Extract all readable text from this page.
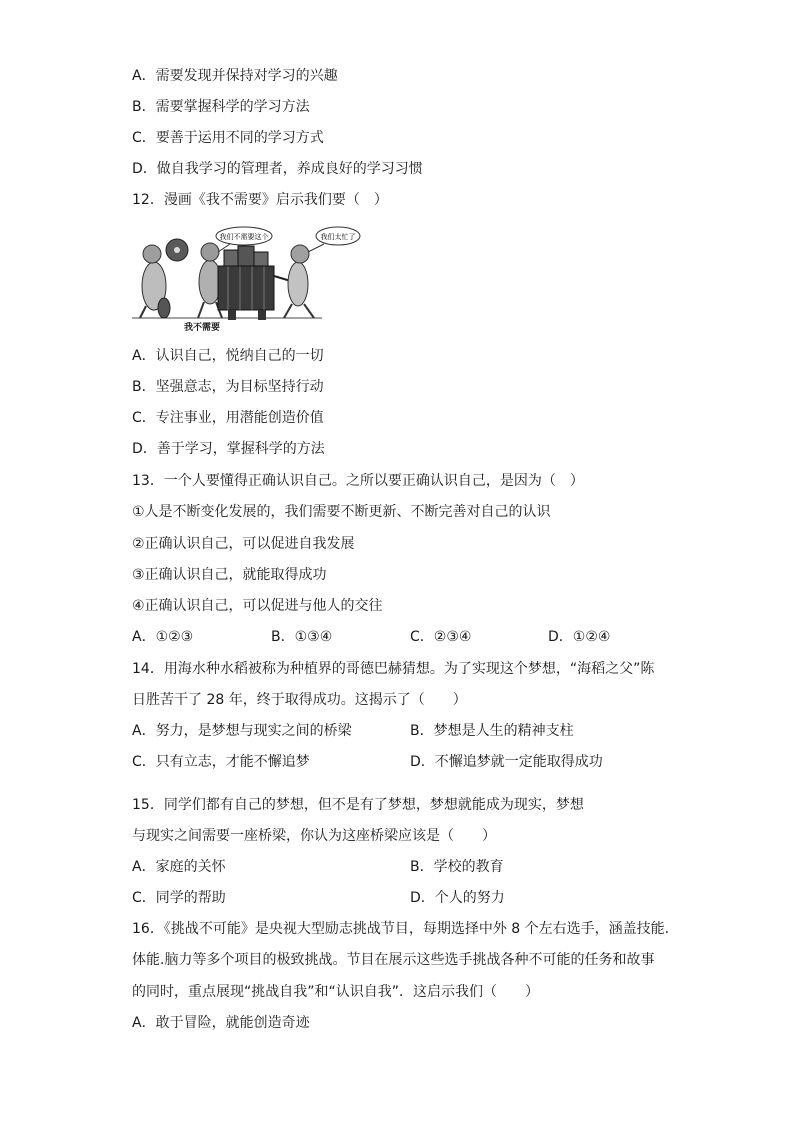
A．需要发现并保持对学习的兴趣
B．需要掌握科学的学习方法
C．要善于运用不同的学习方式
D．做自我学习的管理者，养成良好的学习习惯
12．漫画《我不需要》启示我们要（　）
我们不需要这个	我们太忙了
我不需要
A．认识自己，悦纳自己的一切
B．坚强意志，为目标坚持行动
C．专注事业，用潜能创造价值
D．善于学习，掌握科学的方法
13．一个人要懂得正确认识自己。之所以要正确认识自己，是因为（　）
①人是不断变化发展的，我们需要不断更新、不断完善对自己的认识
②正确认识自己，可以促进自我发展
③正确认识自己，就能取得成功
④正确认识自己，可以促进与他人的交往
A．①②③	B．①③④	C．②③④	D．①②④
14．用海水种水稻被称为种植界的哥德巴赫猜想。为了实现这个梦想，“海稻之父”陈
日胜苦干了 28 年，终于取得成功。这揭示了（　　）
A．努力，是梦想与现实之间的桥梁	B．梦想是人生的精神支柱
C．只有立志，才能不懈追梦	D．不懈追梦就一定能取得成功
15．同学们都有自己的梦想，但不是有了梦想，梦想就能成为现实，梦想
与现实之间需要一座桥梁，你认为这座桥梁应该是（　　）
A．家庭的关怀	B．学校的教育
C．同学的帮助	D．个人的努力
16．《挑战不可能》是央视大型励志挑战节目，每期选择中外 8 个左右选手，涵盖技能.
体能.脑力等多个项目的极致挑战。节目在展示这些选手挑战各种不可能的任务和故事
的同时，重点展现“挑战自我”和“认识自我”．这启示我们（　　）
A．敢于冒险，就能创造奇迹
